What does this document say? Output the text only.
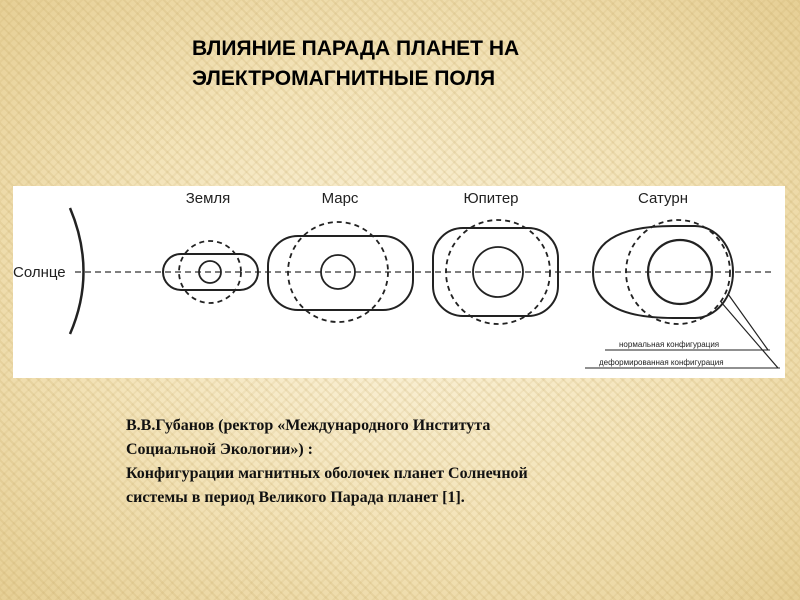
ВЛИЯНИЕ ПАРАДА ПЛАНЕТ НА
ЭЛЕКТРОМАГНИТНЫЕ ПОЛЯ
Солнце
Земля	Марс	Юпитер	Сатурн
нормальная конфигурация
деформированная конфигурация
В.В.Губанов (ректор «Международного Института
Социальной Экологии») :
Конфигурации магнитных оболочек планет Солнечной
системы в период Великого Парада планет [1].
